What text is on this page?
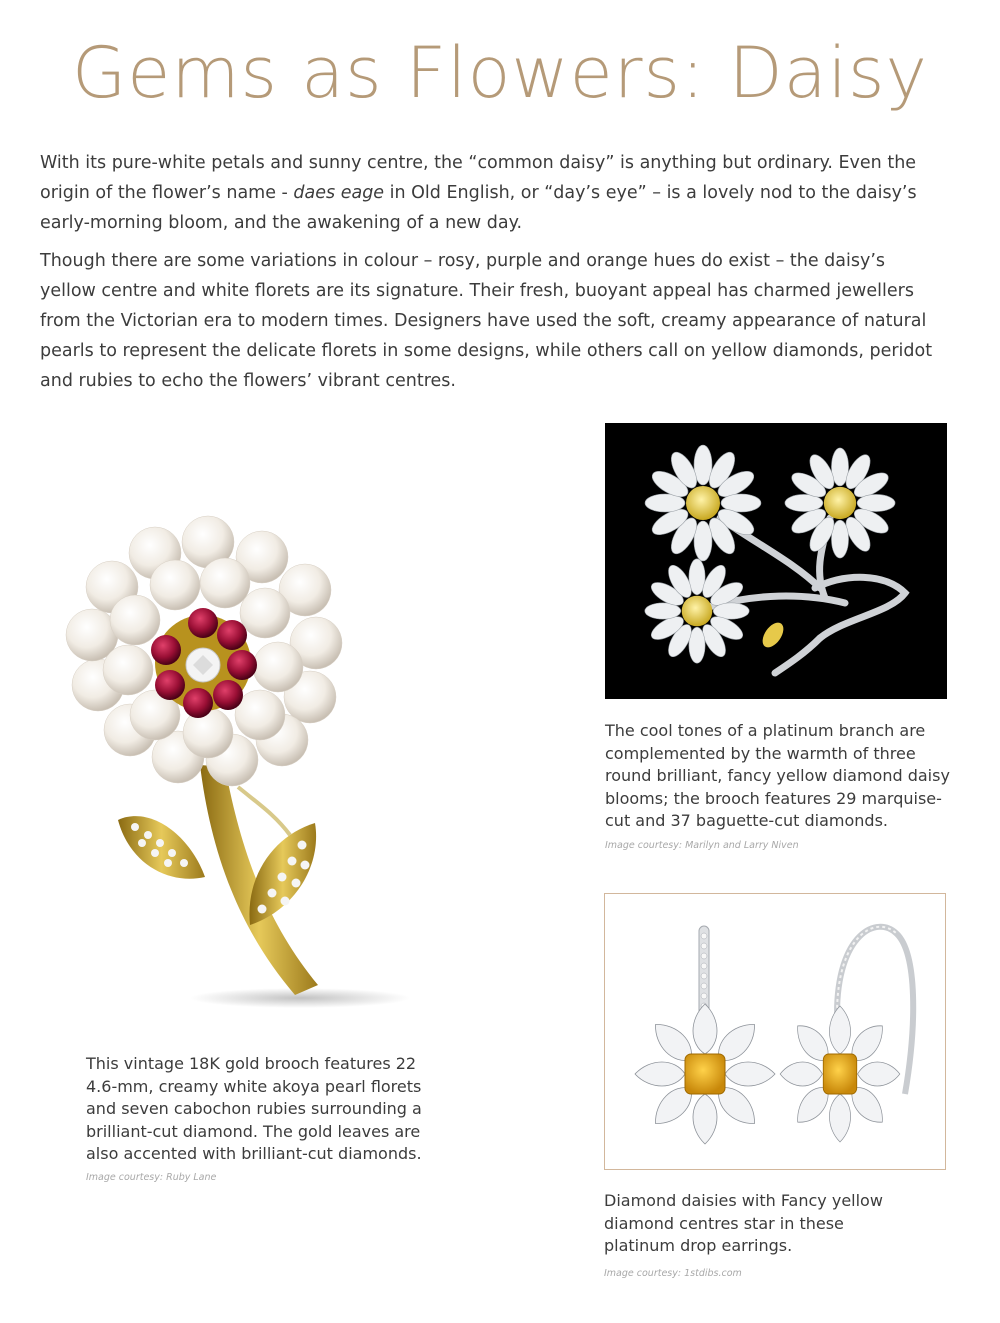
Gems as Flowers: Daisy

With its pure-white petals and sunny centre, the “common daisy” is anything but ordinary. Even the origin of the flower’s name - daes eage in Old English, or “day’s eye” – is a lovely nod to the daisy’s early-morning bloom, and the awakening of a new day.

Though there are some variations in colour – rosy, purple and orange hues do exist – the daisy’s yellow centre and white florets are its signature. Their fresh, buoyant appeal has charmed jewellers from the Victorian era to modern times. Designers have used the soft, creamy appearance of natural pearls to represent the delicate florets in some designs, while others call on yellow diamonds, peridot and rubies to echo the flowers’ vibrant centres.

This vintage 18K gold brooch features 22 4.6-mm, creamy white akoya pearl florets and seven cabochon rubies surrounding a brilliant-cut diamond. The gold leaves are also accented with brilliant-cut diamonds.
Image courtesy: Ruby Lane
The cool tones of a platinum branch are complemented by the warmth of three round brilliant, fancy yellow diamond daisy blooms; the brooch features 29 marquise-cut and 37 baguette-cut diamonds.
Image courtesy: Marilyn and Larry Niven
Diamond daisies with Fancy yellow diamond centres star in these platinum drop earrings.
Image courtesy: 1stdibs.com
